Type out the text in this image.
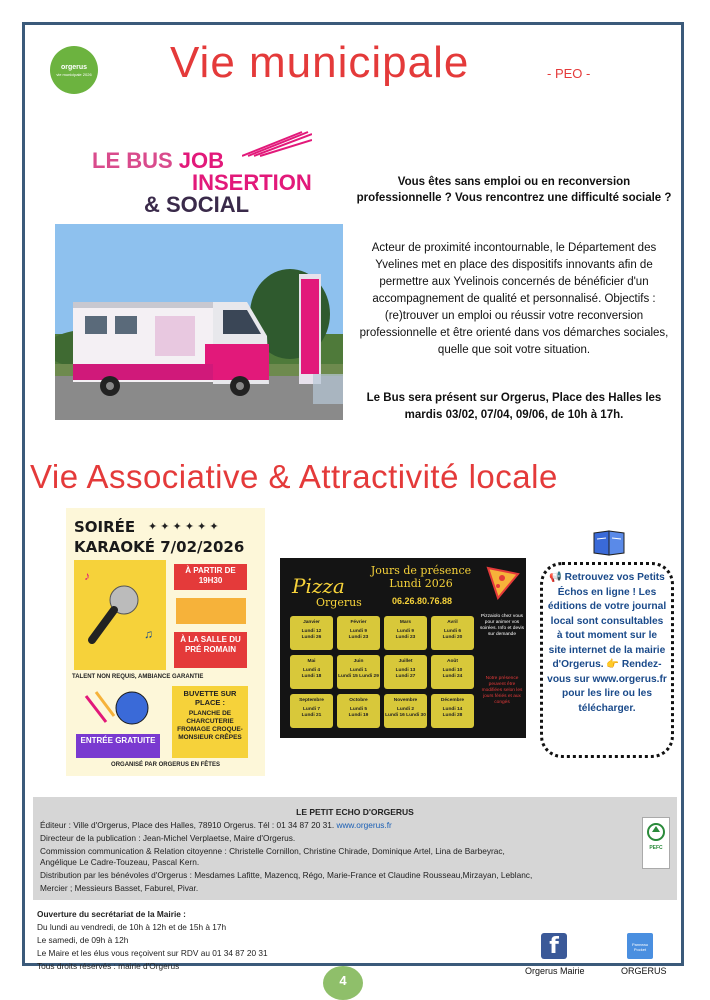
orgerus
vie municipale 2026 Vie municipale	- PEO -
LE BUS JOB
INSERTION
& SOCIAL
Vous êtes sans emploi ou en reconversion professionnelle ? Vous rencontrez une difficulté sociale ?
Acteur de proximité incontournable, le Département des Yvelines met en place des dispositifs innovants afin de permettre aux Yvelinois concernés de bénéficier d'un accompagnement de qualité et personnalisé. Objectifs : (re)trouver un emploi ou réussir votre reconversion professionnelle et être orienté dans vos démarches sociales, quelle que soit votre situation.
Le Bus sera présent sur Orgerus, Place des Halles les mardis 03/02, 07/04, 09/06, de 10h à 17h.
Vie Associative & Attractivité locale
SOIRÉE ✦ ✦ ✦ ✦ ✦ ✦
KARAOKÉ 7/02/2026
♪
♫
À PARTIR DE 19H30
À LA SALLE DU PRÉ ROMAIN
TALENT NON REQUIS, AMBIANCE GARANTIE
ENTRÉE GRATUITE
BUVETTE SUR PLACE :
PLANCHE DE CHARCUTERIE FROMAGE CROQUE-MONSIEUR CRÊPES
ORGANISÉ PAR ORGERUS EN FÊTES
Pizza
Orgerus
Jours de présence Lundi 2026
06.26.80.76.88
Janvier
Lundi 12
Lundi 26
Février
Lundi 9
Lundi 23
Mars
Lundi 9
Lundi 23
Avril
Lundi 6
Lundi 20
Mai
Lundi 4
Lundi 18
Juin
Lundi 1
Lundi 15 Lundi 29
Juillet
Lundi 13
Lundi 27
Août
Lundi 10
Lundi 24
Septembre
Lundi 7
Lundi 21
Octobre
Lundi 5
Lundi 19
Novembre
Lundi 2
Lundi 16 Lundi 30
Décembre
Lundi 14
Lundi 28
Pizzaiolo chez vous pour animer vos soirées. Info et devis sur demande
Notre présence peuvent être modifiées selon les jours fériés et aux congés
📢 Retrouvez vos Petits Échos en ligne ! Les éditions de votre journal local sont consultables à tout moment sur le site internet de la mairie d'Orgerus. 👉 Rendez-vous sur www.orgerus.fr pour les lire ou les télécharger.
LE PETIT ECHO D'ORGERUS
Éditeur : Ville d'Orgerus, Place des Halles, 78910 Orgerus. Tél : 01 34 87 20 31. www.orgerus.fr
Directeur de la publication : Jean-Michel Verplaetse, Maire d'Orgerus.
Commission communication & Relation citoyenne : Christelle Cornillon, Christine Chirade, Dominique Artel, Lina de Barbeyrac,
Angélique Le Cadre-Touzeau, Pascal Kern.
Distribution par les bénévoles d'Orgerus : Mesdames Lafitte, Mazencq, Régo, Marie-France et Claudine Rousseau,Mirzayan, Leblanc,
Mercier ; Messieurs Basset, Faburel, Pivar.
PEFC
Ouverture du secrétariat de la Mairie :
Du lundi au vendredi, de 10h à 12h et de 15h à 17h
Le samedi, de 09h à 12h
Le Maire et les élus vous reçoivent sur RDV au 01 34 87 20 31
Tous droits réservés : mairie d'Orgerus
f
Orgerus Mairie
Panneau Pocket
ORGERUS
4
